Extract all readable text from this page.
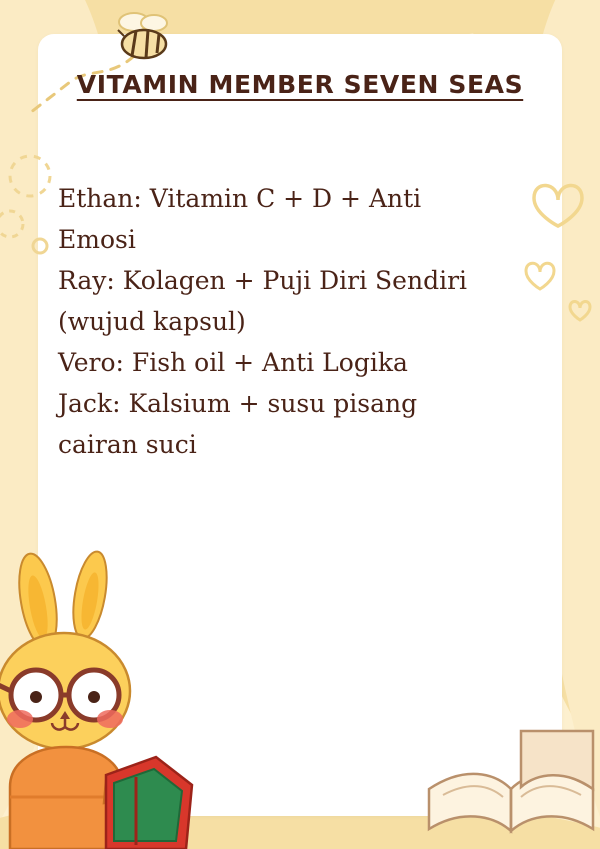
VITAMIN MEMBER SEVEN SEAS
Ethan: Vitamin C + D + Anti Emosi
Ray: Kolagen + Puji Diri Sendiri
(wujud kapsul)
Vero: Fish oil + Anti Logika
Jack: Kalsium + susu pisang
cairan suci
